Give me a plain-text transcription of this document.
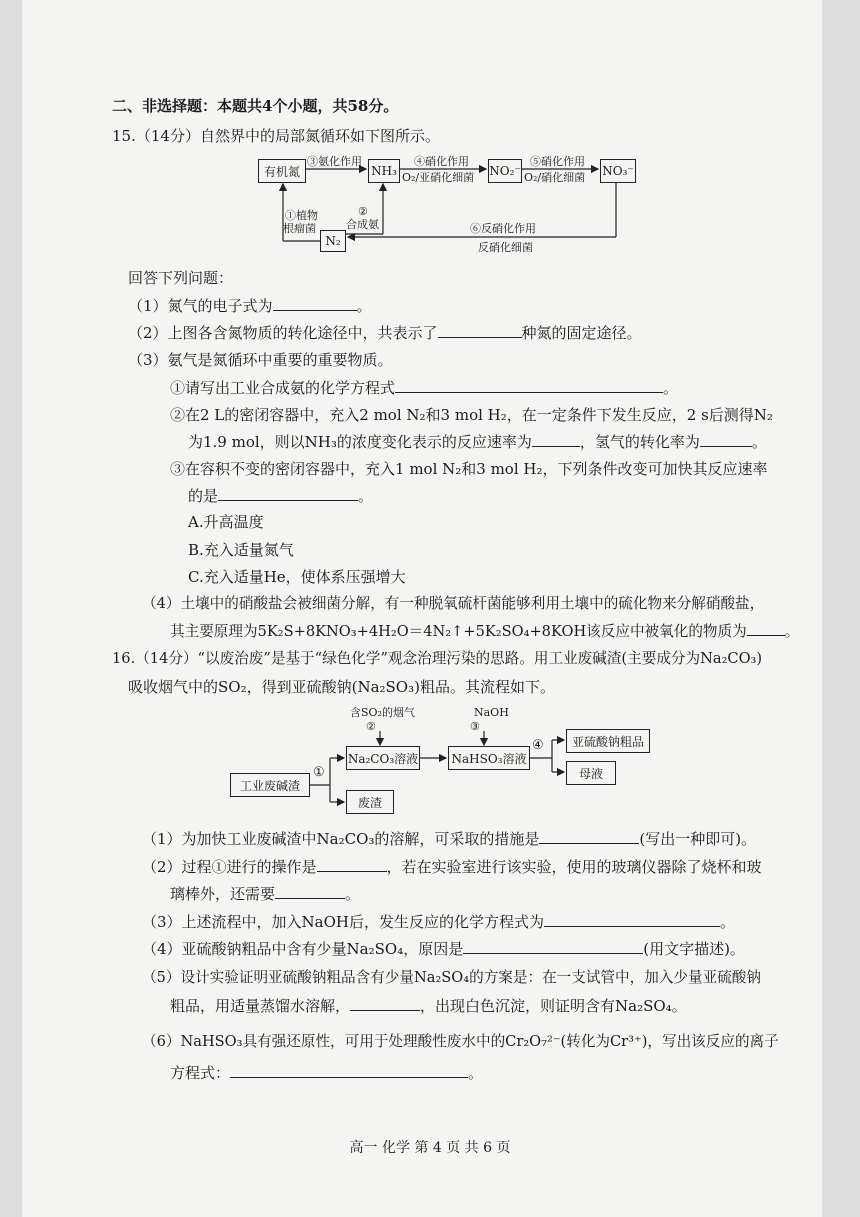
二、非选择题：本题共4个小题，共58分。
15.（14分）自然界中的局部氮循环如下图所示。
有机氮	NH₃	NO₂⁻	NO₃⁻
N₂
③氨化作用	④硝化作用
O₂/亚硝化细菌
⑤硝化作用
O₂/硝化细菌
①植物
根瘤菌
②
合成氨	⑥反硝化作用
反硝化细菌
回答下列问题：
（1）氮气的电子式为	。
（2）上图各含氮物质的转化途径中，共表示了	种氮的固定途径。
（3）氨气是氮循环中重要的重要物质。
①请写出工业合成氨的化学方程式	。
②在2 L的密闭容器中，充入2 mol N₂和3 mol H₂，在一定条件下发生反应，2 s后测得N₂
为1.9 mol，则以NH₃的浓度变化表示的反应速率为	，氢气的转化率为	。
③在容积不变的密闭容器中，充入1 mol N₂和3 mol H₂，下列条件改变可加快其反应速率
的是	。
A.升高温度
B.充入适量氮气
C.充入适量He，使体系压强增大
（4）土壤中的硝酸盐会被细菌分解，有一种脱氧硫杆菌能够利用土壤中的硫化物来分解硝酸盐，
其主要原理为5K₂S+8KNO₃+4H₂O＝4N₂↑+5K₂SO₄+8KOH该反应中被氧化的物质为	。
16.（14分）“以废治废”是基于“绿色化学”观念治理污染的思路。用工业废碱渣(主要成分为Na₂CO₃)
吸收烟气中的SO₂，得到亚硫酸钠(Na₂SO₃)粗品。其流程如下。
工业废碱渣
Na₂CO₃溶液	NaHSO₃溶液
亚硫酸钠粗品
母液
废渣
含SO₂的烟气
②
NaOH
③
①
④
（1）为加快工业废碱渣中Na₂CO₃的溶解，可采取的措施是	(写出一种即可)。
（2）过程①进行的操作是	，若在实验室进行该实验，使用的玻璃仪器除了烧杯和玻
璃棒外，还需要	。
（3）上述流程中，加入NaOH后，发生反应的化学方程式为	。
（4）亚硫酸钠粗品中含有少量Na₂SO₄，原因是	(用文字描述)。
（5）设计实验证明亚硫酸钠粗品含有少量Na₂SO₄的方案是：在一支试管中，加入少量亚硫酸钠
粗品，用适量蒸馏水溶解，	，出现白色沉淀，则证明含有Na₂SO₄。
（6）NaHSO₃具有强还原性，可用于处理酸性废水中的Cr₂O₇²⁻(转化为Cr³⁺)，写出该反应的离子
方程式：	。
高一 化学 第 4 页 共 6 页
